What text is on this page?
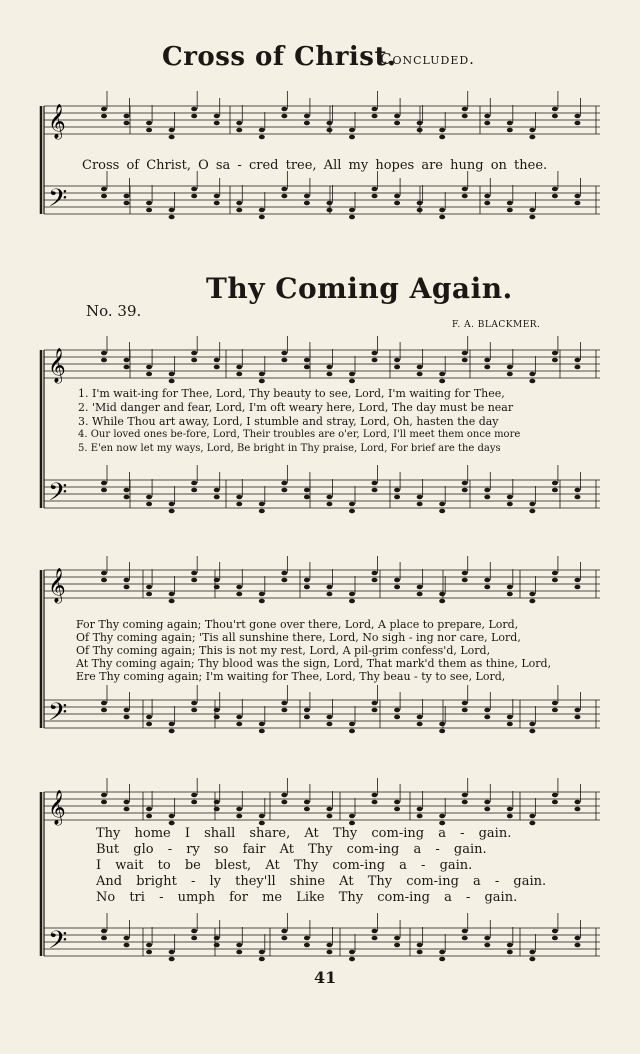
Cross of Christ.
Concluded.
𝄞
𝄢
Cross of Christ, O sa - cred tree, All my hopes are hung on thee.
Thy Coming Again.
No. 39.
F. A. BLACKMER.
𝄞
𝄢
1. I'm wait-ing for Thee, Lord, Thy beauty to see, Lord, I'm waiting for Thee,
2. 'Mid danger and fear, Lord, I'm oft weary here, Lord, The day must be near
3. While Thou art away, Lord, I stumble and stray, Lord, Oh, hasten the day
4. Our loved ones be-fore, Lord, Their troubles are o'er, Lord, I'll meet them once more
5. E'en now let my ways, Lord, Be bright in Thy praise, Lord, For brief are the days
𝄞
𝄢
For Thy coming again; Thou'rt gone over there, Lord, A place to prepare, Lord,
Of Thy coming again; 'Tis all sunshine there, Lord, No sigh - ing nor care, Lord,
Of Thy coming again; This is not my rest, Lord, A pil-grim confess'd, Lord,
At Thy coming again; Thy blood was the sign, Lord, That mark'd them as thine, Lord,
Ere Thy coming again; I'm waiting for Thee, Lord, Thy beau - ty to see, Lord,
𝄞
𝄢
Thy home I shall share, At Thy com-ing a - gain.
But glo - ry so fair At Thy com-ing a - gain.
I wait to be blest, At Thy com-ing a - gain.
And bright - ly they'll shine At Thy com-ing a - gain.
No tri - umph for me Like Thy com-ing a - gain.
41
